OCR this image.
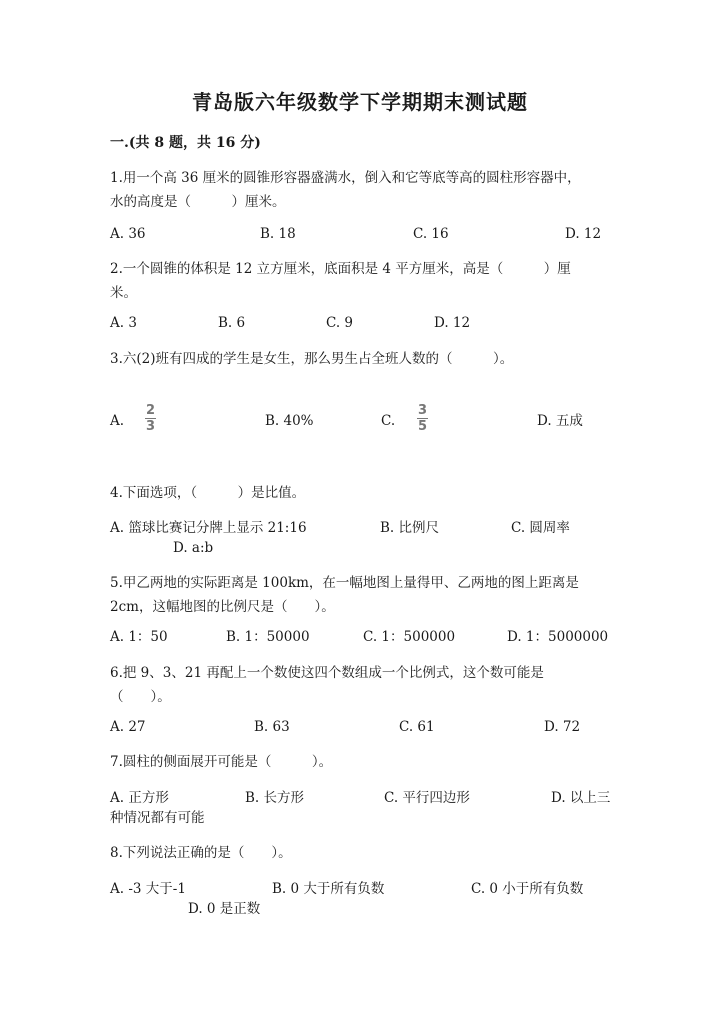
青岛版六年级数学下学期期末测试题
一.(共 8 题，共 16 分)
1.用一个高 36 厘米的圆锥形容器盛满水，倒入和它等底等高的圆柱形容器中，
水的高度是（　　　）厘米。
A. 36	B. 18	C. 16	D. 12
2.一个圆锥的体积是 12 立方厘米，底面积是 4 平方厘米，高是（　　　）厘
米。
A. 3	B. 6	C. 9	D. 12
3.六(2)班有四成的学生是女生，那么男生占全班人数的（　　　）。
A.
2
3	B. 40%	C.
3
5	D. 五成
4.下面选项，（　　　）是比值。
A. 篮球比赛记分牌上显示 21:16	B. 比例尺	C. 圆周率
D. a:b
5.甲乙两地的实际距离是 100km，在一幅地图上量得甲、乙两地的图上距离是
2cm，这幅地图的比例尺是（　　）。
A. 1：50	B. 1：50000	C. 1：500000	D. 1：5000000
6.把 9、3、21 再配上一个数使这四个数组成一个比例式，这个数可能是
（　　）。
A. 27	B. 63	C. 61	D. 72
7.圆柱的侧面展开可能是（　　　）。
A. 正方形	B. 长方形	C. 平行四边形	D. 以上三
种情况都有可能
8.下列说法正确的是（　　）。
A. -3 大于-1	B. 0 大于所有负数	C. 0 小于所有负数
D. 0 是正数
